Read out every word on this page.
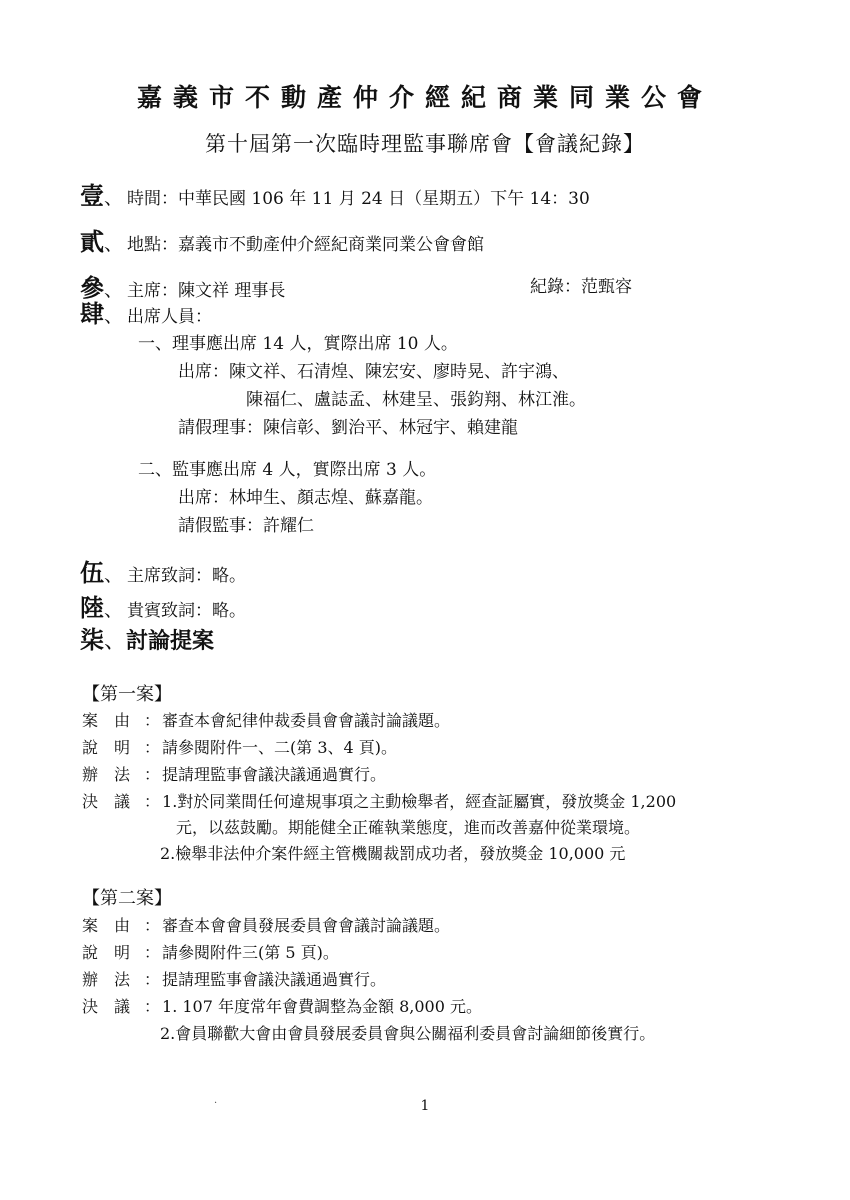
嘉義市不動產仲介經紀商業同業公會
第十屆第一次臨時理監事聯席會【會議紀錄】
壹、 時間：中華民國 106 年 11 月 24 日（星期五）下午 14：30
貳、 地點：嘉義市不動產仲介經紀商業同業公會會館
參、 主席：陳文祥 理事長	紀錄：范甄容
肆、 出席人員：
一、理事應出席 14 人，實際出席 10 人。
出席：陳文祥、石清煌、陳宏安、廖時晃、許宇鴻、
陳福仁、盧誌孟、林建呈、張鈞翔、林江淮。
請假理事：陳信彰、劉治平、林冠宇、賴建龍
二、監事應出席 4 人，實際出席 3 人。
出席：林坤生、顏志煌、蘇嘉龍。
請假監事：許耀仁
伍、 主席致詞：略。
陸、 貴賓致詞：略。
柒、討論提案
【第一案】
案　由 ： 審查本會紀律仲裁委員會會議討論議題。
說　明 ： 請參閱附件一、二(第 3、4 頁)。
辦　法 ： 提請理監事會議決議通過實行。
決　議 ： 1.對於同業間任何違規事項之主動檢舉者，經查証屬實，發放獎金 1,200
元，以茲鼓勵。期能健全正確執業態度，進而改善嘉仲從業環境。
2.檢舉非法仲介案件經主管機關裁罰成功者，發放獎金 10,000 元
【第二案】
案　由 ： 審查本會會員發展委員會會議討論議題。
說　明 ： 請參閱附件三(第 5 頁)。
辦　法 ： 提請理監事會議決議通過實行。
決　議 ： 1. 107 年度常年會費調整為金額 8,000 元。
2.會員聯歡大會由會員發展委員會與公關福利委員會討論細節後實行。
1
·
